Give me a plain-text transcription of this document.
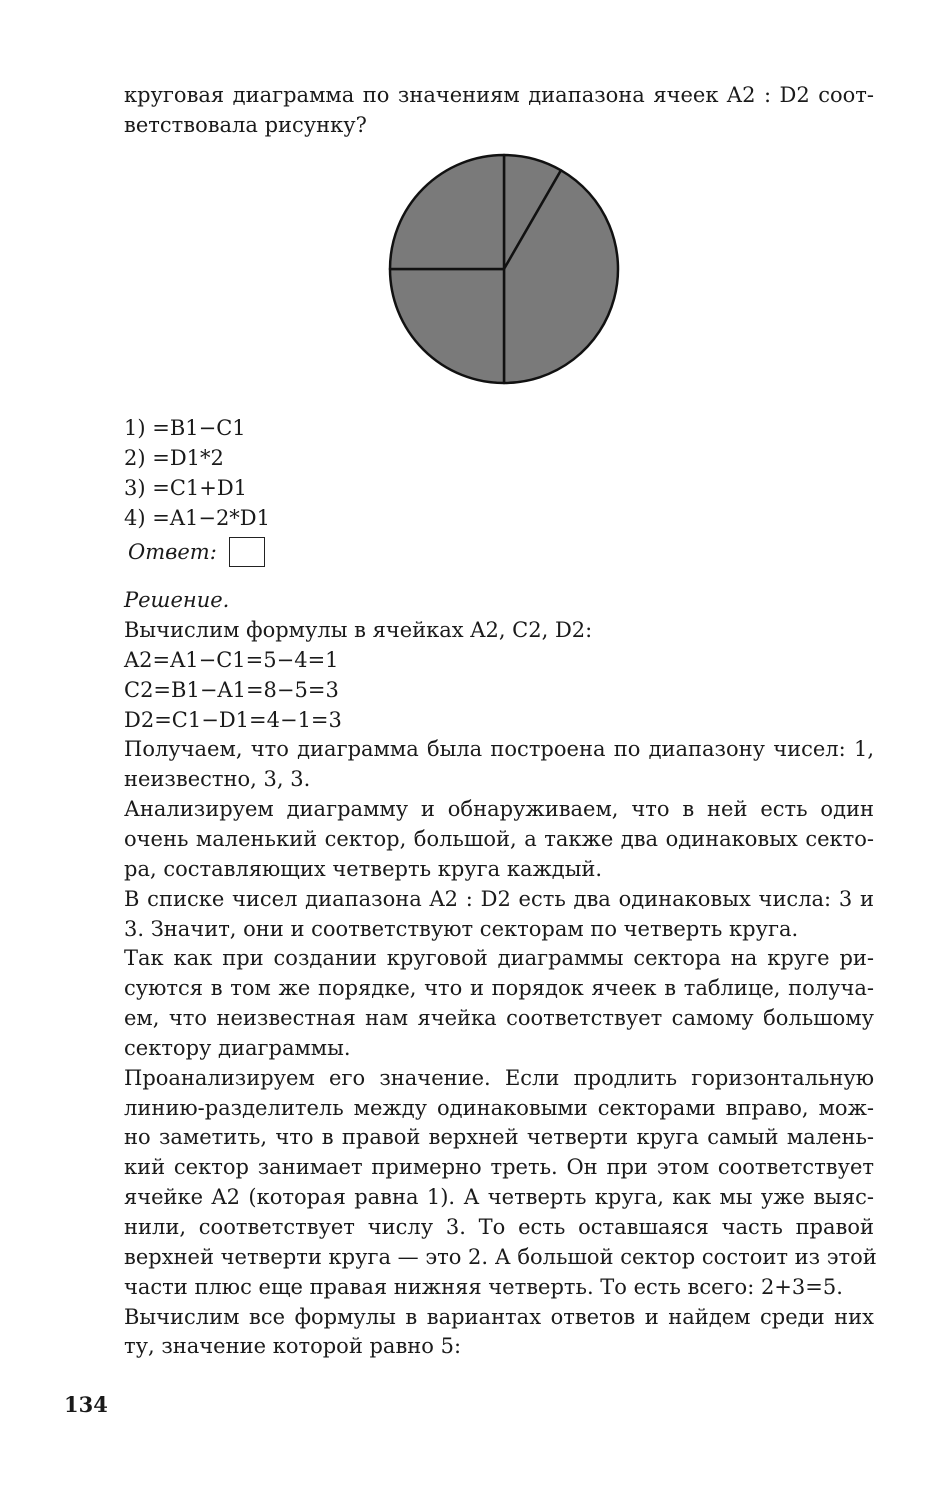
круговая диаграмма по значениям диапазона ячеек A2 : D2 соот-
ветствовала рисунку?
1) =B1−C1
2) =D1*2
3) =C1+D1
4) =A1−2*D1
Ответ:
Решение.
Вычислим формулы в ячейках A2, C2, D2:
A2=A1−C1=5−4=1
C2=B1−A1=8−5=3
D2=C1−D1=4−1=3
Получаем, что диаграмма была построена по диапазону чисел: 1,
неизвестно, 3, 3.
Анализируем диаграмму и обнаруживаем, что в ней есть один
очень маленький сектор, большой, а также два одинаковых секто-
ра, составляющих четверть круга каждый.
В списке чисел диапазона A2 : D2 есть два одинаковых числа: 3 и
3. Значит, они и соответствуют секторам по четверть круга.
Так как при создании круговой диаграммы сектора на круге ри-
суются в том же порядке, что и порядок ячеек в таблице, получа-
ем, что неизвестная нам ячейка соответствует самому большому
сектору диаграммы.
Проанализируем его значение. Если продлить горизонтальную
линию-разделитель между одинаковыми секторами вправо, мож-
но заметить, что в правой верхней четверти круга самый малень-
кий сектор занимает примерно треть. Он при этом соответствует
ячейке A2 (которая равна 1). А четверть круга, как мы уже выяс-
нили, соответствует числу 3. То есть оставшаяся часть правой
верхней четверти круга — это 2. А большой сектор состоит из этой
части плюс еще правая нижняя четверть. То есть всего: 2+3=5.
Вычислим все формулы в вариантах ответов и найдем среди них
ту, значение которой равно 5:
134
